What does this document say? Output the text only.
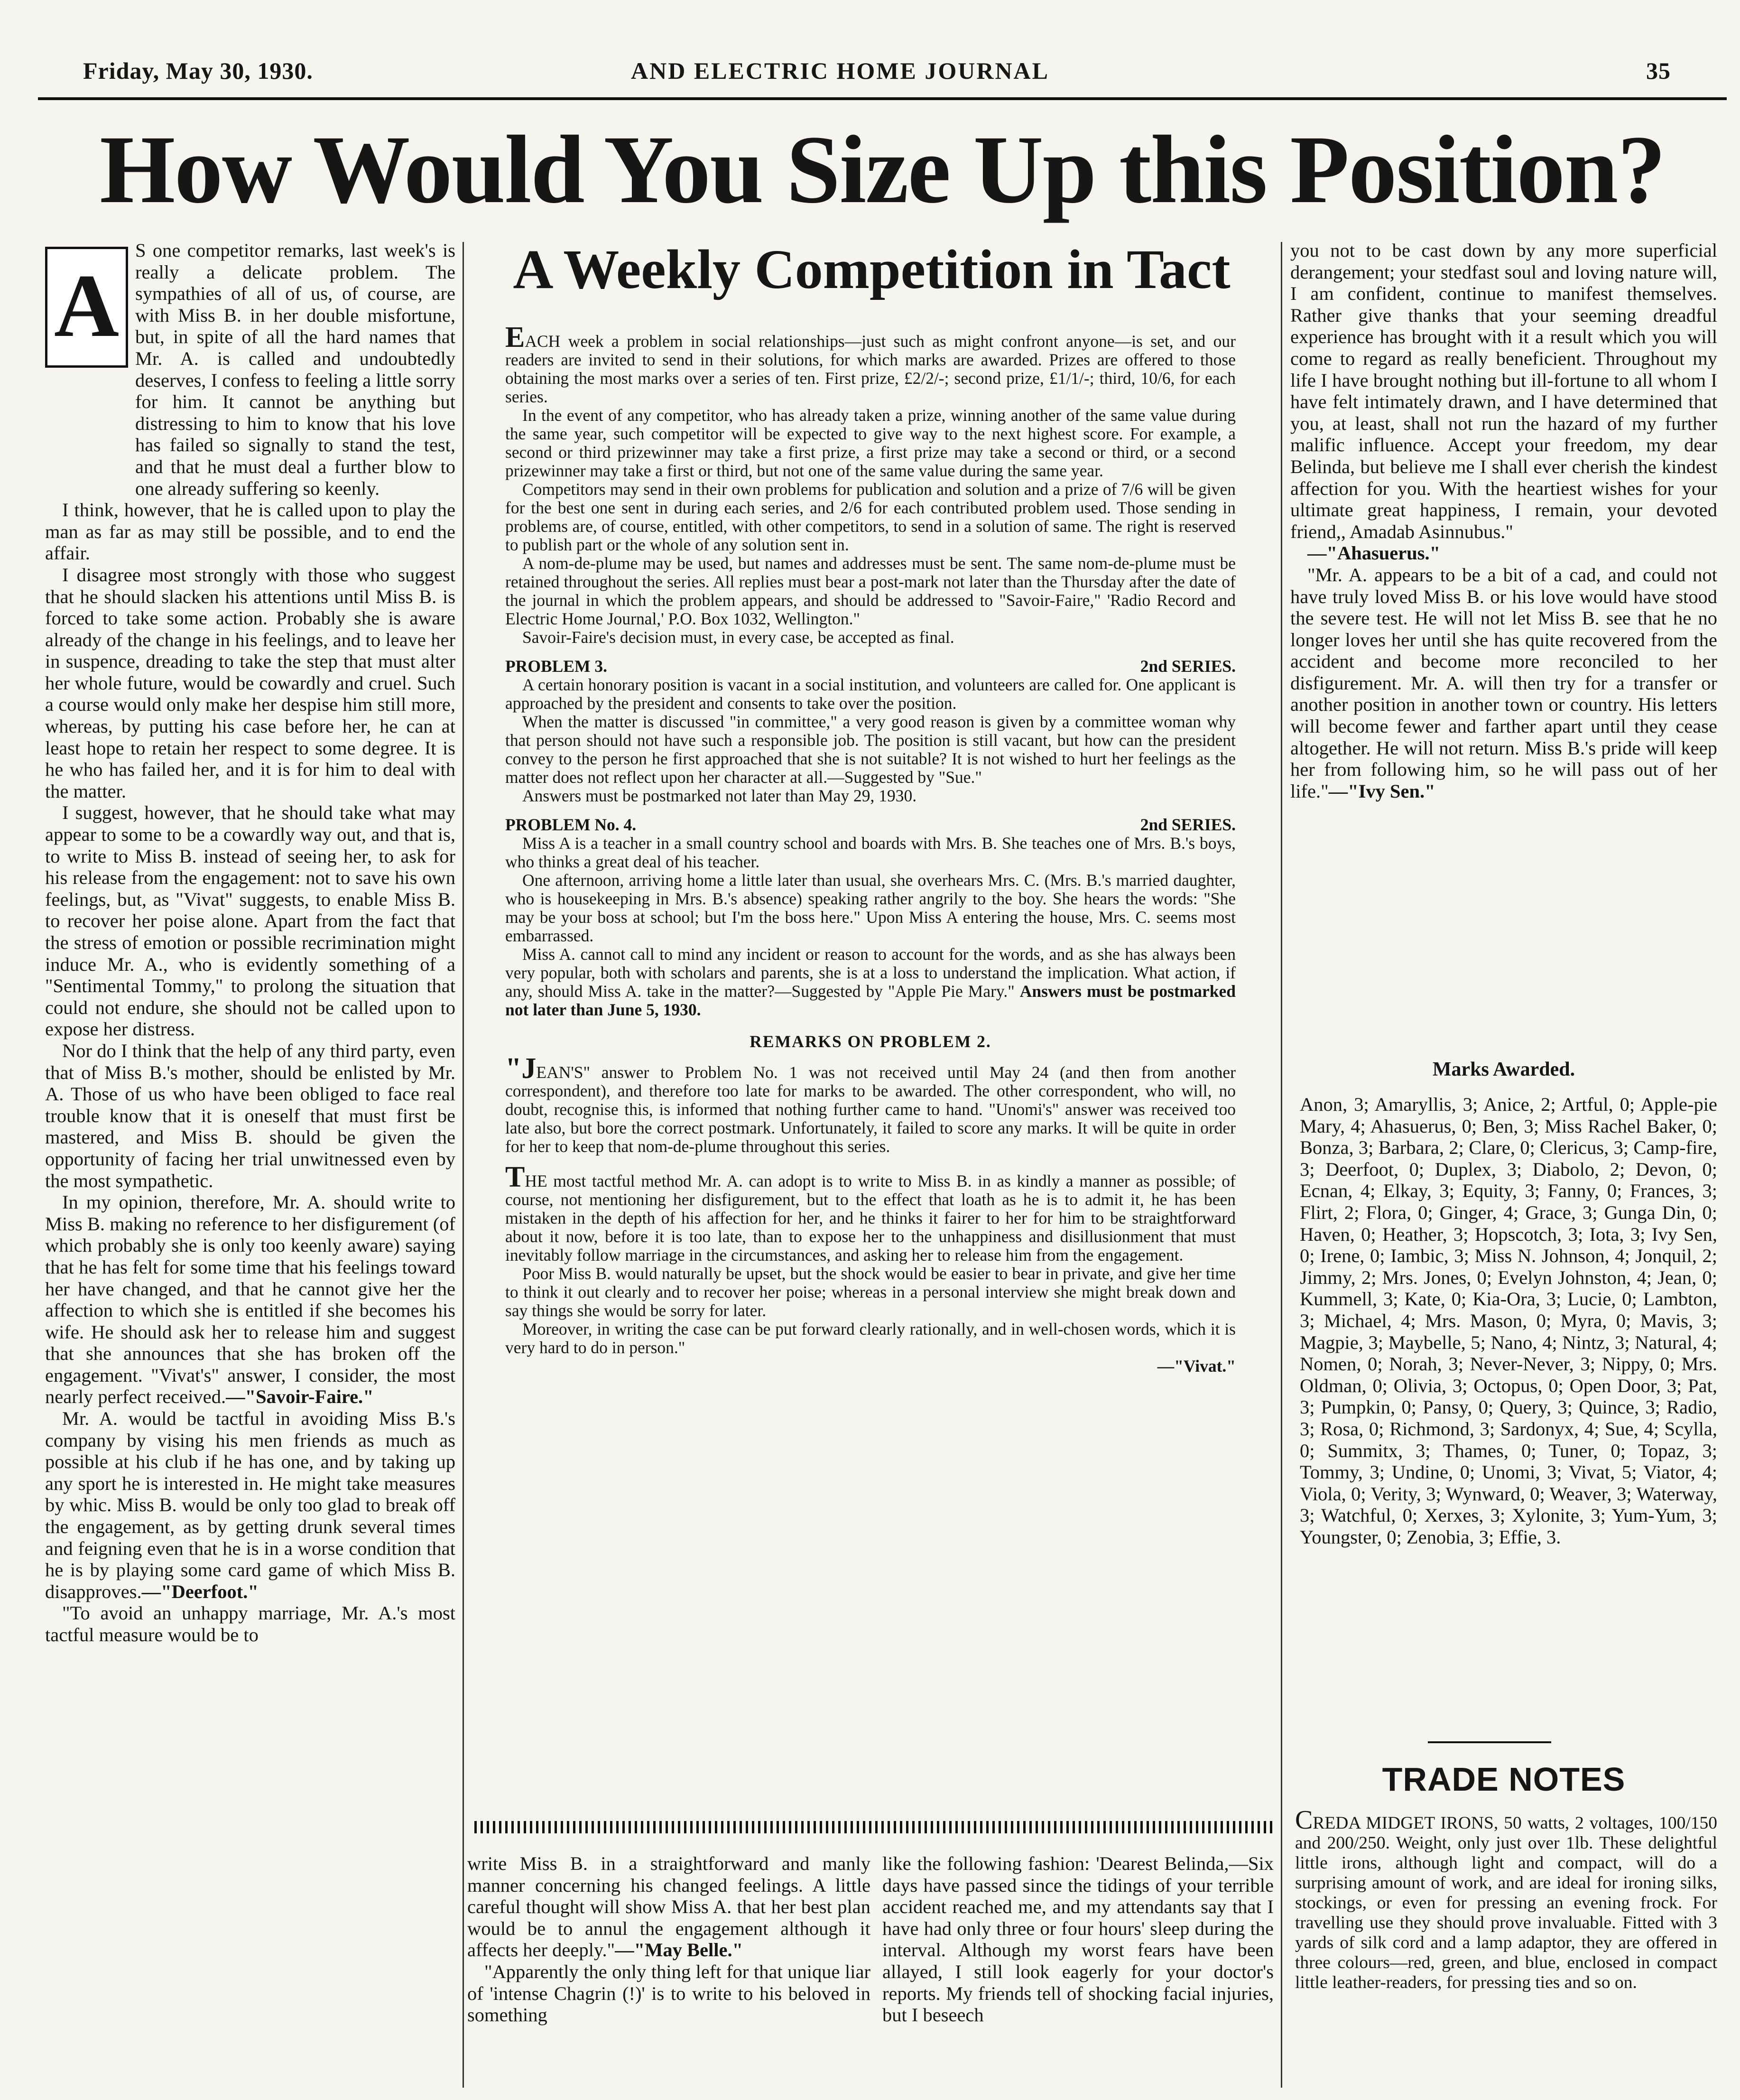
Friday, May 30, 1930.	AND ELECTRIC HOME JOURNAL	35
How Would You Size Up this Position?
A

S one competitor remarks, last week's is really a delicate problem. The sympathies of all of us, of course, are with Miss B. in her double misfortune, but, in spite of all the hard names that Mr. A. is called and undoubtedly deserves, I confess to feeling a little sorry for him. It cannot be anything but distressing to him to know that his love has failed so signally to stand the test, and that he must deal a further blow to one already suffering so keenly.

I think, however, that he is called upon to play the man as far as may still be possible, and to end the affair.

I disagree most strongly with those who suggest that he should slacken his attentions until Miss B. is forced to take some action. Probably she is aware already of the change in his feelings, and to leave her in suspence, dreading to take the step that must alter her whole future, would be cowardly and cruel. Such a course would only make her despise him still more, whereas, by putting his case before her, he can at least hope to retain her respect to some degree. It is he who has failed her, and it is for him to deal with the matter.

I suggest, however, that he should take what may appear to some to be a cowardly way out, and that is, to write to Miss B. instead of seeing her, to ask for his release from the engagement: not to save his own feelings, but, as "Vivat" suggests, to enable Miss B. to recover her poise alone. Apart from the fact that the stress of emotion or possible recrimination might induce Mr. A., who is evidently something of a "Sentimental Tommy," to prolong the situation that could not endure, she should not be called upon to expose her distress.

Nor do I think that the help of any third party, even that of Miss B.'s mother, should be enlisted by Mr. A. Those of us who have been obliged to face real trouble know that it is oneself that must first be mastered, and Miss B. should be given the opportunity of facing her trial unwitnessed even by the most sympathetic.

In my opinion, therefore, Mr. A. should write to Miss B. making no reference to her disfigurement (of which probably she is only too keenly aware) saying that he has felt for some time that his feelings toward her have changed, and that he cannot give her the affection to which she is entitled if she becomes his wife. He should ask her to release him and suggest that she announces that she has broken off the engagement. "Vivat's" answer, I consider, the most nearly perfect received.—"Savoir-Faire."

Mr. A. would be tactful in avoiding Miss B.'s company by vising his men friends as much as possible at his club if he has one, and by taking up any sport he is interested in. He might take measures by whic. Miss B. would be only too glad to break off the engagement, as by getting drunk several times and feigning even that he is in a worse condition that he is by playing some card game of which Miss B. disapproves.—"Deerfoot."

"To avoid an unhappy marriage, Mr. A.'s most tactful measure would be to

A Weekly Competition in Tact

EACH week a problem in social relationships—just such as might confront anyone—is set, and our readers are invited to send in their solutions, for which marks are awarded. Prizes are offered to those obtaining the most marks over a series of ten. First prize, £2/2/-; second prize, £1/1/-; third, 10/6, for each series.

In the event of any competitor, who has already taken a prize, winning another of the same value during the same year, such competitor will be expected to give way to the next highest score. For example, a second or third prizewinner may take a first prize, a first prize may take a second or third, or a second prizewinner may take a first or third, but not one of the same value during the same year.

Competitors may send in their own problems for publication and solution and a prize of 7/6 will be given for the best one sent in during each series, and 2/6 for each contributed problem used. Those sending in problems are, of course, entitled, with other competitors, to send in a solution of same. The right is reserved to publish part or the whole of any solution sent in.

A nom-de-plume may be used, but names and addresses must be sent. The same nom-de-plume must be retained throughout the series. All replies must bear a post-mark not later than the Thursday after the date of the journal in which the problem appears, and should be addressed to "Savoir-Faire," 'Radio Record and Electric Home Journal,' P.O. Box 1032, Wellington."

Savoir-Faire's decision must, in every case, be accepted as final.

PROBLEM 3.	2nd SERIES.

A certain honorary position is vacant in a social institution, and volunteers are called for. One applicant is approached by the president and consents to take over the position.

When the matter is discussed "in committee," a very good reason is given by a committee woman why that person should not have such a responsible job. The position is still vacant, but how can the president convey to the person he first approached that she is not suitable? It is not wished to hurt her feelings as the matter does not reflect upon her character at all.—Suggested by "Sue."

Answers must be postmarked not later than May 29, 1930.

PROBLEM No. 4.	2nd SERIES.

Miss A is a teacher in a small country school and boards with Mrs. B. She teaches one of Mrs. B.'s boys, who thinks a great deal of his teacher.

One afternoon, arriving home a little later than usual, she overhears Mrs. C. (Mrs. B.'s married daughter, who is housekeeping in Mrs. B.'s absence) speaking rather angrily to the boy. She hears the words: "She may be your boss at school; but I'm the boss here." Upon Miss A entering the house, Mrs. C. seems most embarrassed.

Miss A. cannot call to mind any incident or reason to account for the words, and as she has always been very popular, both with scholars and parents, she is at a loss to understand the implication. What action, if any, should Miss A. take in the matter?—Suggested by "Apple Pie Mary." Answers must be postmarked not later than June 5, 1930.

REMARKS ON PROBLEM 2.

"JEAN'S" answer to Problem No. 1 was not received until May 24 (and then from another correspondent), and therefore too late for marks to be awarded. The other correspondent, who will, no doubt, recognise this, is informed that nothing further came to hand. "Unomi's" answer was received too late also, but bore the correct postmark. Unfortunately, it failed to score any marks. It will be quite in order for her to keep that nom-de-plume throughout this series.

THE most tactful method Mr. A. can adopt is to write to Miss B. in as kindly a manner as possible; of course, not mentioning her disfigurement, but to the effect that loath as he is to admit it, he has been mistaken in the depth of his affection for her, and he thinks it fairer to her for him to be straightforward about it now, before it is too late, than to expose her to the unhappiness and disillusionment that must inevitably follow marriage in the circumstances, and asking her to release him from the engagement.

Poor Miss B. would naturally be upset, but the shock would be easier to bear in private, and give her time to think it out clearly and to recover her poise; whereas in a personal interview she might break down and say things she would be sorry for later.

Moreover, in writing the case can be put forward clearly rationally, and in well-chosen words, which it is very hard to do in person."

—"Vivat."

write Miss B. in a straightforward and manly manner concerning his changed feelings. A little careful thought will show Miss A. that her best plan would be to annul the engagement although it affects her deeply."—"May Belle."

"Apparently the only thing left for that unique liar of 'intense Chagrin (!)' is to write to his beloved in something

like the following fashion: 'Dearest Belinda,—Six days have passed since the tidings of your terrible accident reached me, and my attendants say that I have had only three or four hours' sleep during the interval. Although my worst fears have been allayed, I still look eagerly for your doctor's reports. My friends tell of shocking facial injuries, but I beseech

you not to be cast down by any more superficial derangement; your stedfast soul and loving nature will, I am confident, continue to manifest themselves. Rather give thanks that your seeming dreadful experience has brought with it a result which you will come to regard as really beneficient. Throughout my life I have brought nothing but ill-fortune to all whom I have felt intimately drawn, and I have determined that you, at least, shall not run the hazard of my further malific influence. Accept your freedom, my dear Belinda, but believe me I shall ever cherish the kindest affection for you. With the heartiest wishes for your ultimate great happiness, I remain, your devoted friend,, Amadab Asinnubus."

—"Ahasuerus."

"Mr. A. appears to be a bit of a cad, and could not have truly loved Miss B. or his love would have stood the severe test. He will not let Miss B. see that he no longer loves her until she has quite recovered from the accident and become more reconciled to her disfigurement. Mr. A. will then try for a transfer or another position in another town or country. His letters will become fewer and farther apart until they cease altogether. He will not return. Miss B.'s pride will keep her from following him, so he will pass out of her life."—"Ivy Sen."

Marks Awarded.
Anon, 3; Amaryllis, 3; Anice, 2; Artful, 0; Apple-pie Mary, 4; Ahasuerus, 0; Ben, 3; Miss Rachel Baker, 0; Bonza, 3; Barbara, 2; Clare, 0; Clericus, 3; Camp-fire, 3; Deerfoot, 0; Duplex, 3; Diabolo, 2; Devon, 0; Ecnan, 4; Elkay, 3; Equity, 3; Fanny, 0; Frances, 3; Flirt, 2; Flora, 0; Ginger, 4; Grace, 3; Gunga Din, 0; Haven, 0; Heather, 3; Hopscotch, 3; Iota, 3; Ivy Sen, 0; Irene, 0; Iambic, 3; Miss N. Johnson, 4; Jonquil, 2; Jimmy, 2; Mrs. Jones, 0; Evelyn Johnston, 4; Jean, 0; Kummell, 3; Kate, 0; Kia-Ora, 3; Lucie, 0; Lambton, 3; Michael, 4; Mrs. Mason, 0; Myra, 0; Mavis, 3; Magpie, 3; Maybelle, 5; Nano, 4; Nintz, 3; Natural, 4; Nomen, 0; Norah, 3; Never-Never, 3; Nippy, 0; Mrs. Oldman, 0; Olivia, 3; Octopus, 0; Open Door, 3; Pat, 3; Pumpkin, 0; Pansy, 0; Query, 3; Quince, 3; Radio, 3; Rosa, 0; Richmond, 3; Sardonyx, 4; Sue, 4; Scylla, 0; Summitx, 3; Thames, 0; Tuner, 0; Topaz, 3; Tommy, 3; Undine, 0; Unomi, 3; Vivat, 5; Viator, 4; Viola, 0; Verity, 3; Wynward, 0; Weaver, 3; Waterway, 3; Watchful, 0; Xerxes, 3; Xylonite, 3; Yum-Yum, 3; Youngster, 0; Zenobia, 3; Effie, 3.
TRADE NOTES
CREDA MIDGET IRONS, 50 watts, 2 voltages, 100/150 and 200/250. Weight, only just over 1lb. These delightful little irons, although light and compact, will do a surprising amount of work, and are ideal for ironing silks, stockings, or even for pressing an evening frock. For travelling use they should prove invaluable. Fitted with 3 yards of silk cord and a lamp adaptor, they are offered in three colours—red, green, and blue, enclosed in compact little leather-readers, for pressing ties and so on.
